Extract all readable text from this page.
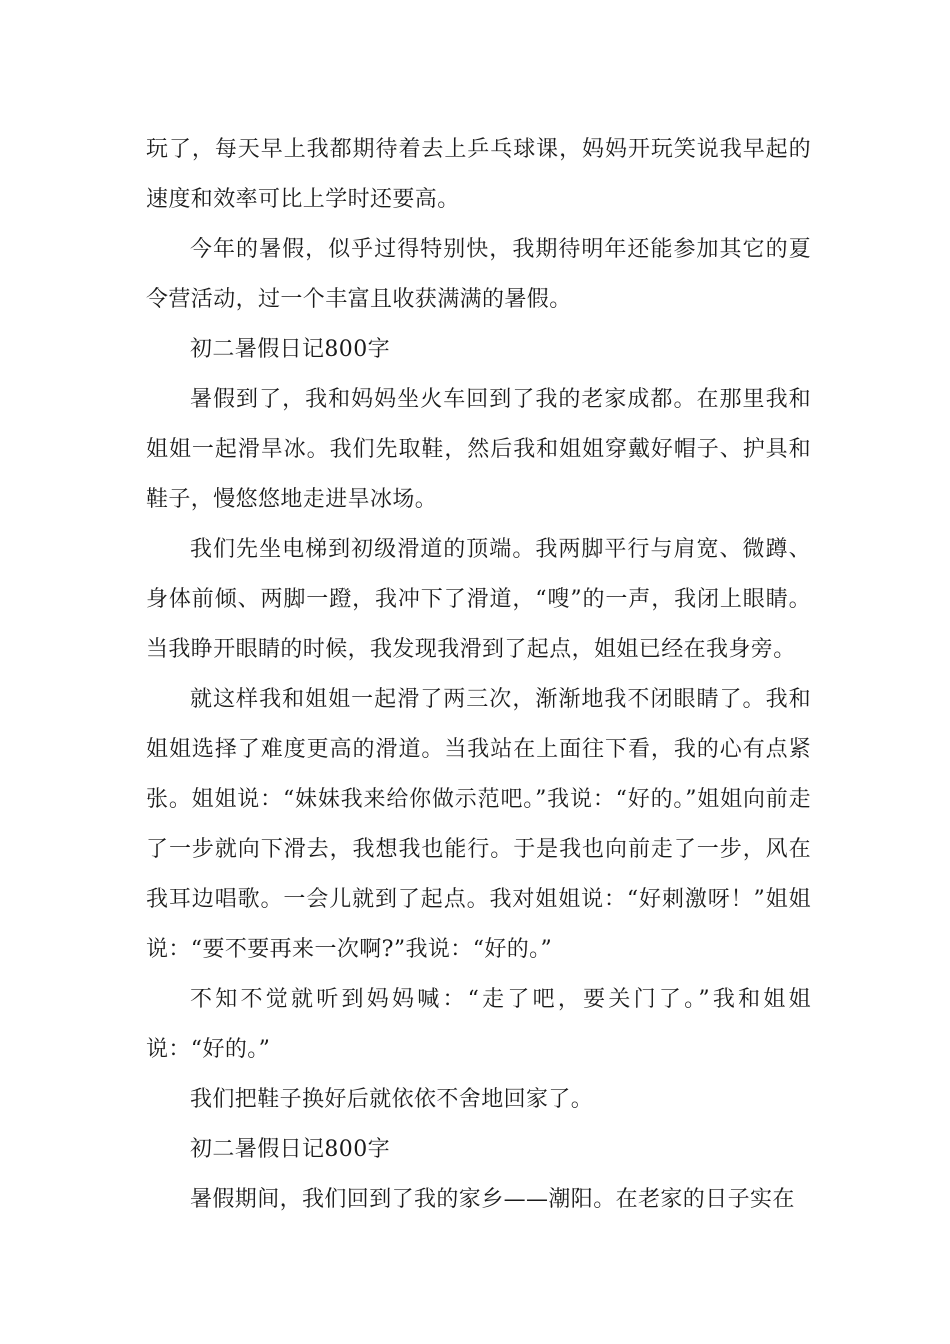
玩了，每天早上我都期待着去上乒乓球课，妈妈开玩笑说我早起的速度和效率可比上学时还要高。

今年的暑假，似乎过得特别快，我期待明年还能参加其它的夏令营活动，过一个丰富且收获满满的暑假。

初二暑假日记800字

暑假到了，我和妈妈坐火车回到了我的老家成都。在那里我和姐姐一起滑旱冰。我们先取鞋，然后我和姐姐穿戴好帽子、护具和鞋子，慢悠悠地走进旱冰场。

我们先坐电梯到初级滑道的顶端。我两脚平行与肩宽、微蹲、身体前倾、两脚一蹬，我冲下了滑道，“嗖”的一声，我闭上眼睛。当我睁开眼睛的时候，我发现我滑到了起点，姐姐已经在我身旁。

就这样我和姐姐一起滑了两三次，渐渐地我不闭眼睛了。我和姐姐选择了难度更高的滑道。当我站在上面往下看，我的心有点紧张。姐姐说：“妹妹我来给你做示范吧。”我说：“好的。”姐姐向前走了一步就向下滑去，我想我也能行。于是我也向前走了一步，风在我耳边唱歌。一会儿就到了起点。我对姐姐说：“好刺激呀！”姐姐说：“要不要再来一次啊?”我说：“好的。”

不知不觉就听到妈妈喊：“走了吧，要关门了。”我和姐姐说：“好的。”

我们把鞋子换好后就依依不舍地回家了。

初二暑假日记800字

暑假期间，我们回到了我的家乡——潮阳。在老家的日子实在
